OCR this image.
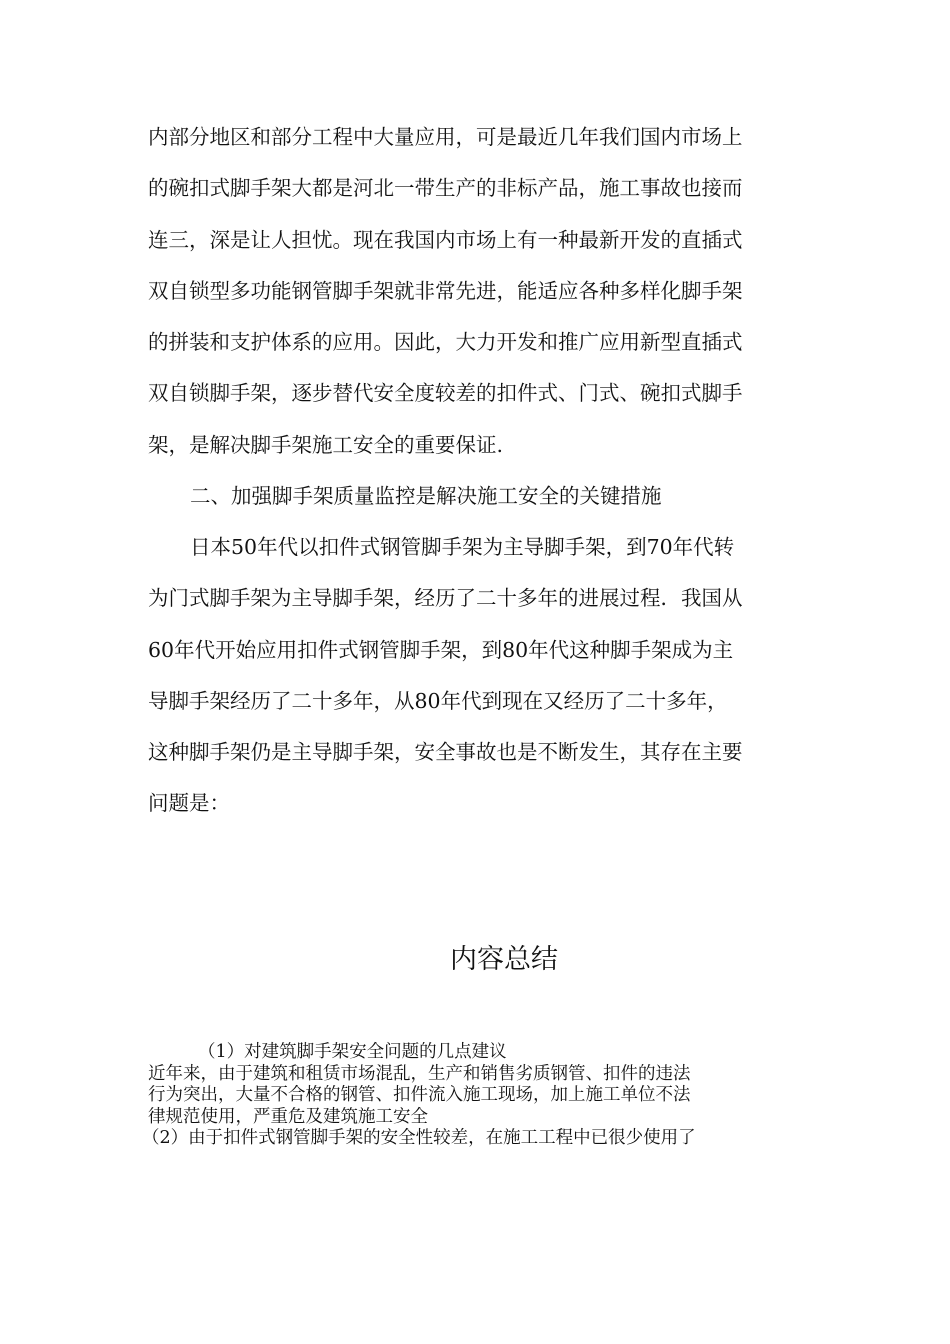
内部分地区和部分工程中大量应用，可是最近几年我们国内市场上
的碗扣式脚手架大都是河北一带生产的非标产品，施工事故也接而
连三，深是让人担忧。现在我国内市场上有一种最新开发的直插式
双自锁型多功能钢管脚手架就非常先进，能适应各种多样化脚手架
的拼装和支护体系的应用。因此，大力开发和推广应用新型直插式
双自锁脚手架，逐步替代安全度较差的扣件式、门式、碗扣式脚手
架，是解决脚手架施工安全的重要保证.
二、加强脚手架质量监控是解决施工安全的关键措施
日本50年代以扣件式钢管脚手架为主导脚手架，到70年代转
为门式脚手架为主导脚手架，经历了二十多年的进展过程．我国从
60年代开始应用扣件式钢管脚手架，到80年代这种脚手架成为主
导脚手架经历了二十多年，从80年代到现在又经历了二十多年，
这种脚手架仍是主导脚手架，安全事故也是不断发生，其存在主要
问题是：
内容总结
（1）对建筑脚手架安全问题的几点建议
近年来，由于建筑和租赁市场混乱，生产和销售劣质钢管、扣件的违法
行为突出，大量不合格的钢管、扣件流入施工现场，加上施工单位不法
律规范使用，严重危及建筑施工安全
（2）由于扣件式钢管脚手架的安全性较差，在施工工程中已很少使用了
